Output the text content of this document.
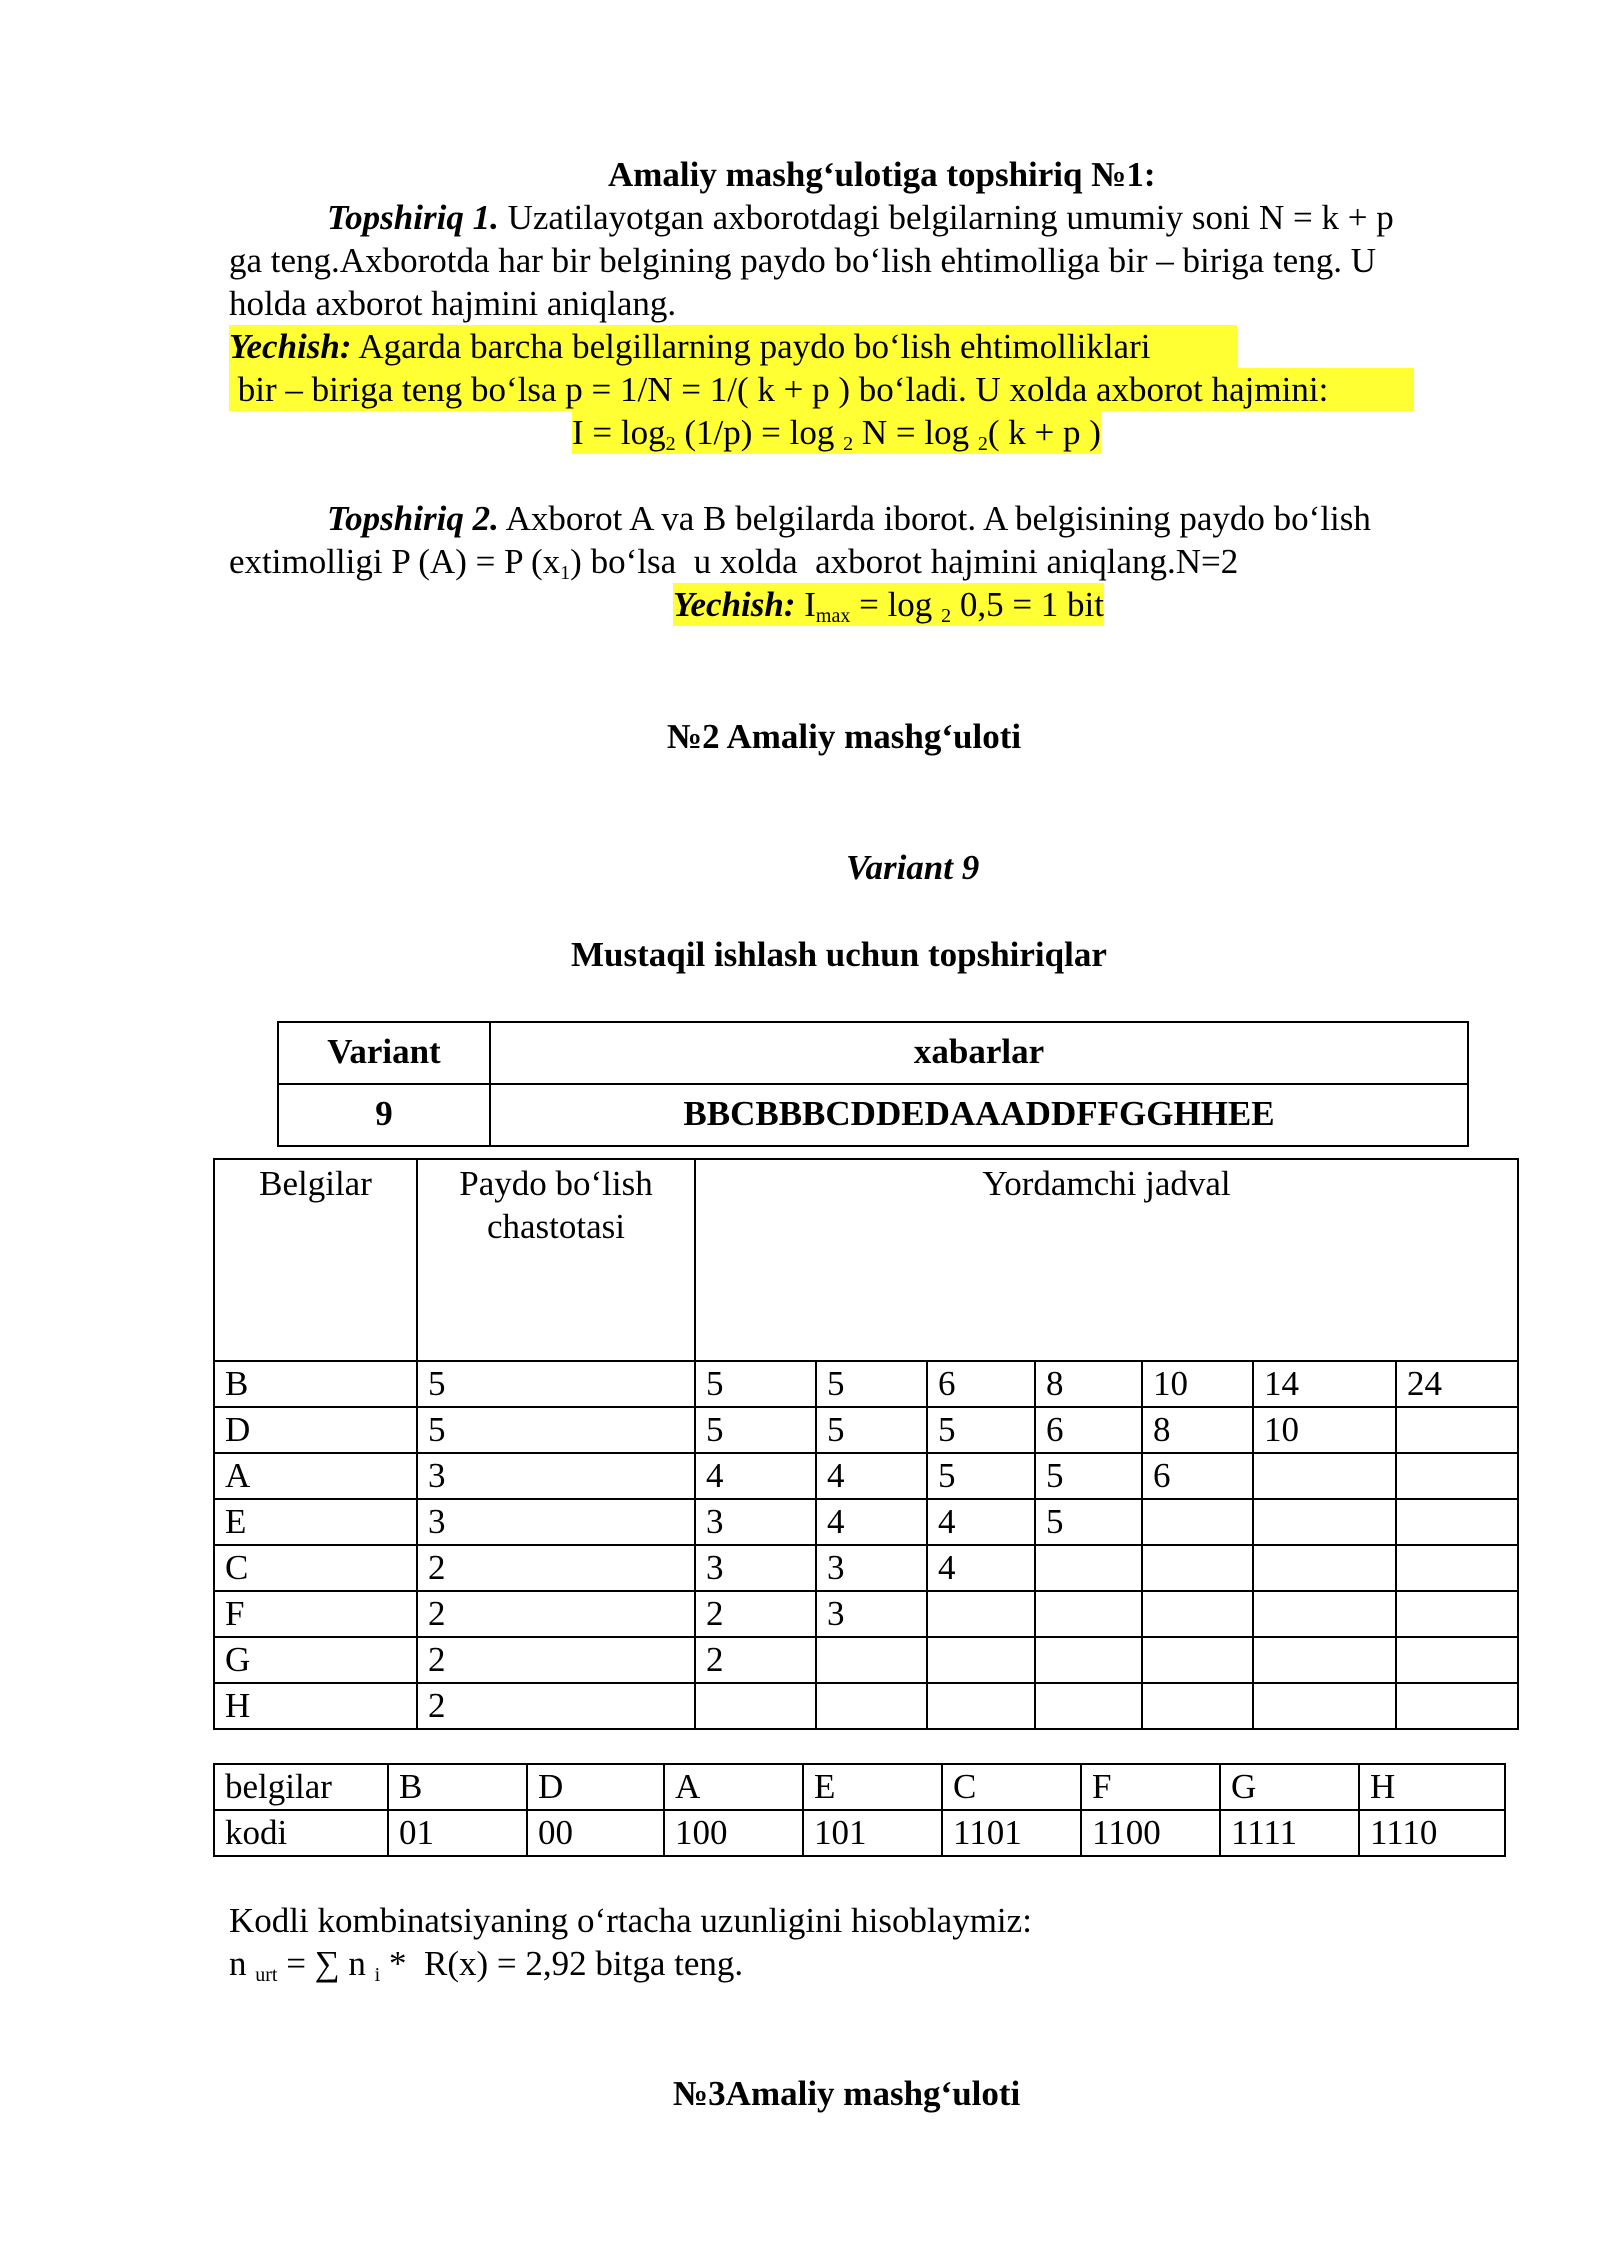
Amaliy mashg‘ulotiga topshiriq №1:
Topshiriq 1. Uzatilayotgan axborotdagi belgilarning umumiy soni N = k + p
ga teng.Axborotda har bir belgining paydo bo‘lish ehtimolliga bir – biriga teng. U
holda axborot hajmini aniqlang.
Yechish: Agarda barcha belgillarning paydo bo‘lish ehtimolliklari
bir – biriga teng bo‘lsa p = 1/N = 1/( k + p ) bo‘ladi. U xolda axborot hajmini:
$I = \log_2 (1/p) = \log _2$ N = log $_2$( k + p )
Topshiriq 2. Axborot A va B belgilarda iborot. A belgisining paydo bo‘lish
extimolligi P (A) = P $(x_1)$ bo‘lsa  u xolda  axborot hajmini aniqlang.N=2
Yechish: $I_{max} = \log _2$ 0,5 = 1 bit
№2 Amaliy mashg‘uloti
Variant 9
Mustaqil ishlash uchun topshiriqlar
Variant	xabarlar
9	BBCBBBCDDEDAAADDFFGGHHEE
Belgilar	Paydo bo‘lish chastotasi	Yordamchi jadval						
B	5	5	5	6	8	10	14	24
D	5	5	5	5	6	8	10	
A	3	4	4	5	5	6		
E	3	3	4	4	5			
C	2	3	3	4				
F	2	2	3					
G	2	2						
H	2							
belgilar	B	D	A	E	C	F	G	H
kodi	01	00	100	101	1101	1100	1111	1110
Kodli kombinatsiyaning o‘rtacha uzunligini hisoblaymiz:
n $_{urt}$ = ∑ n $_i$ *  R(x) = 2,92 bitga teng.
№3Amaliy mashg‘uloti
